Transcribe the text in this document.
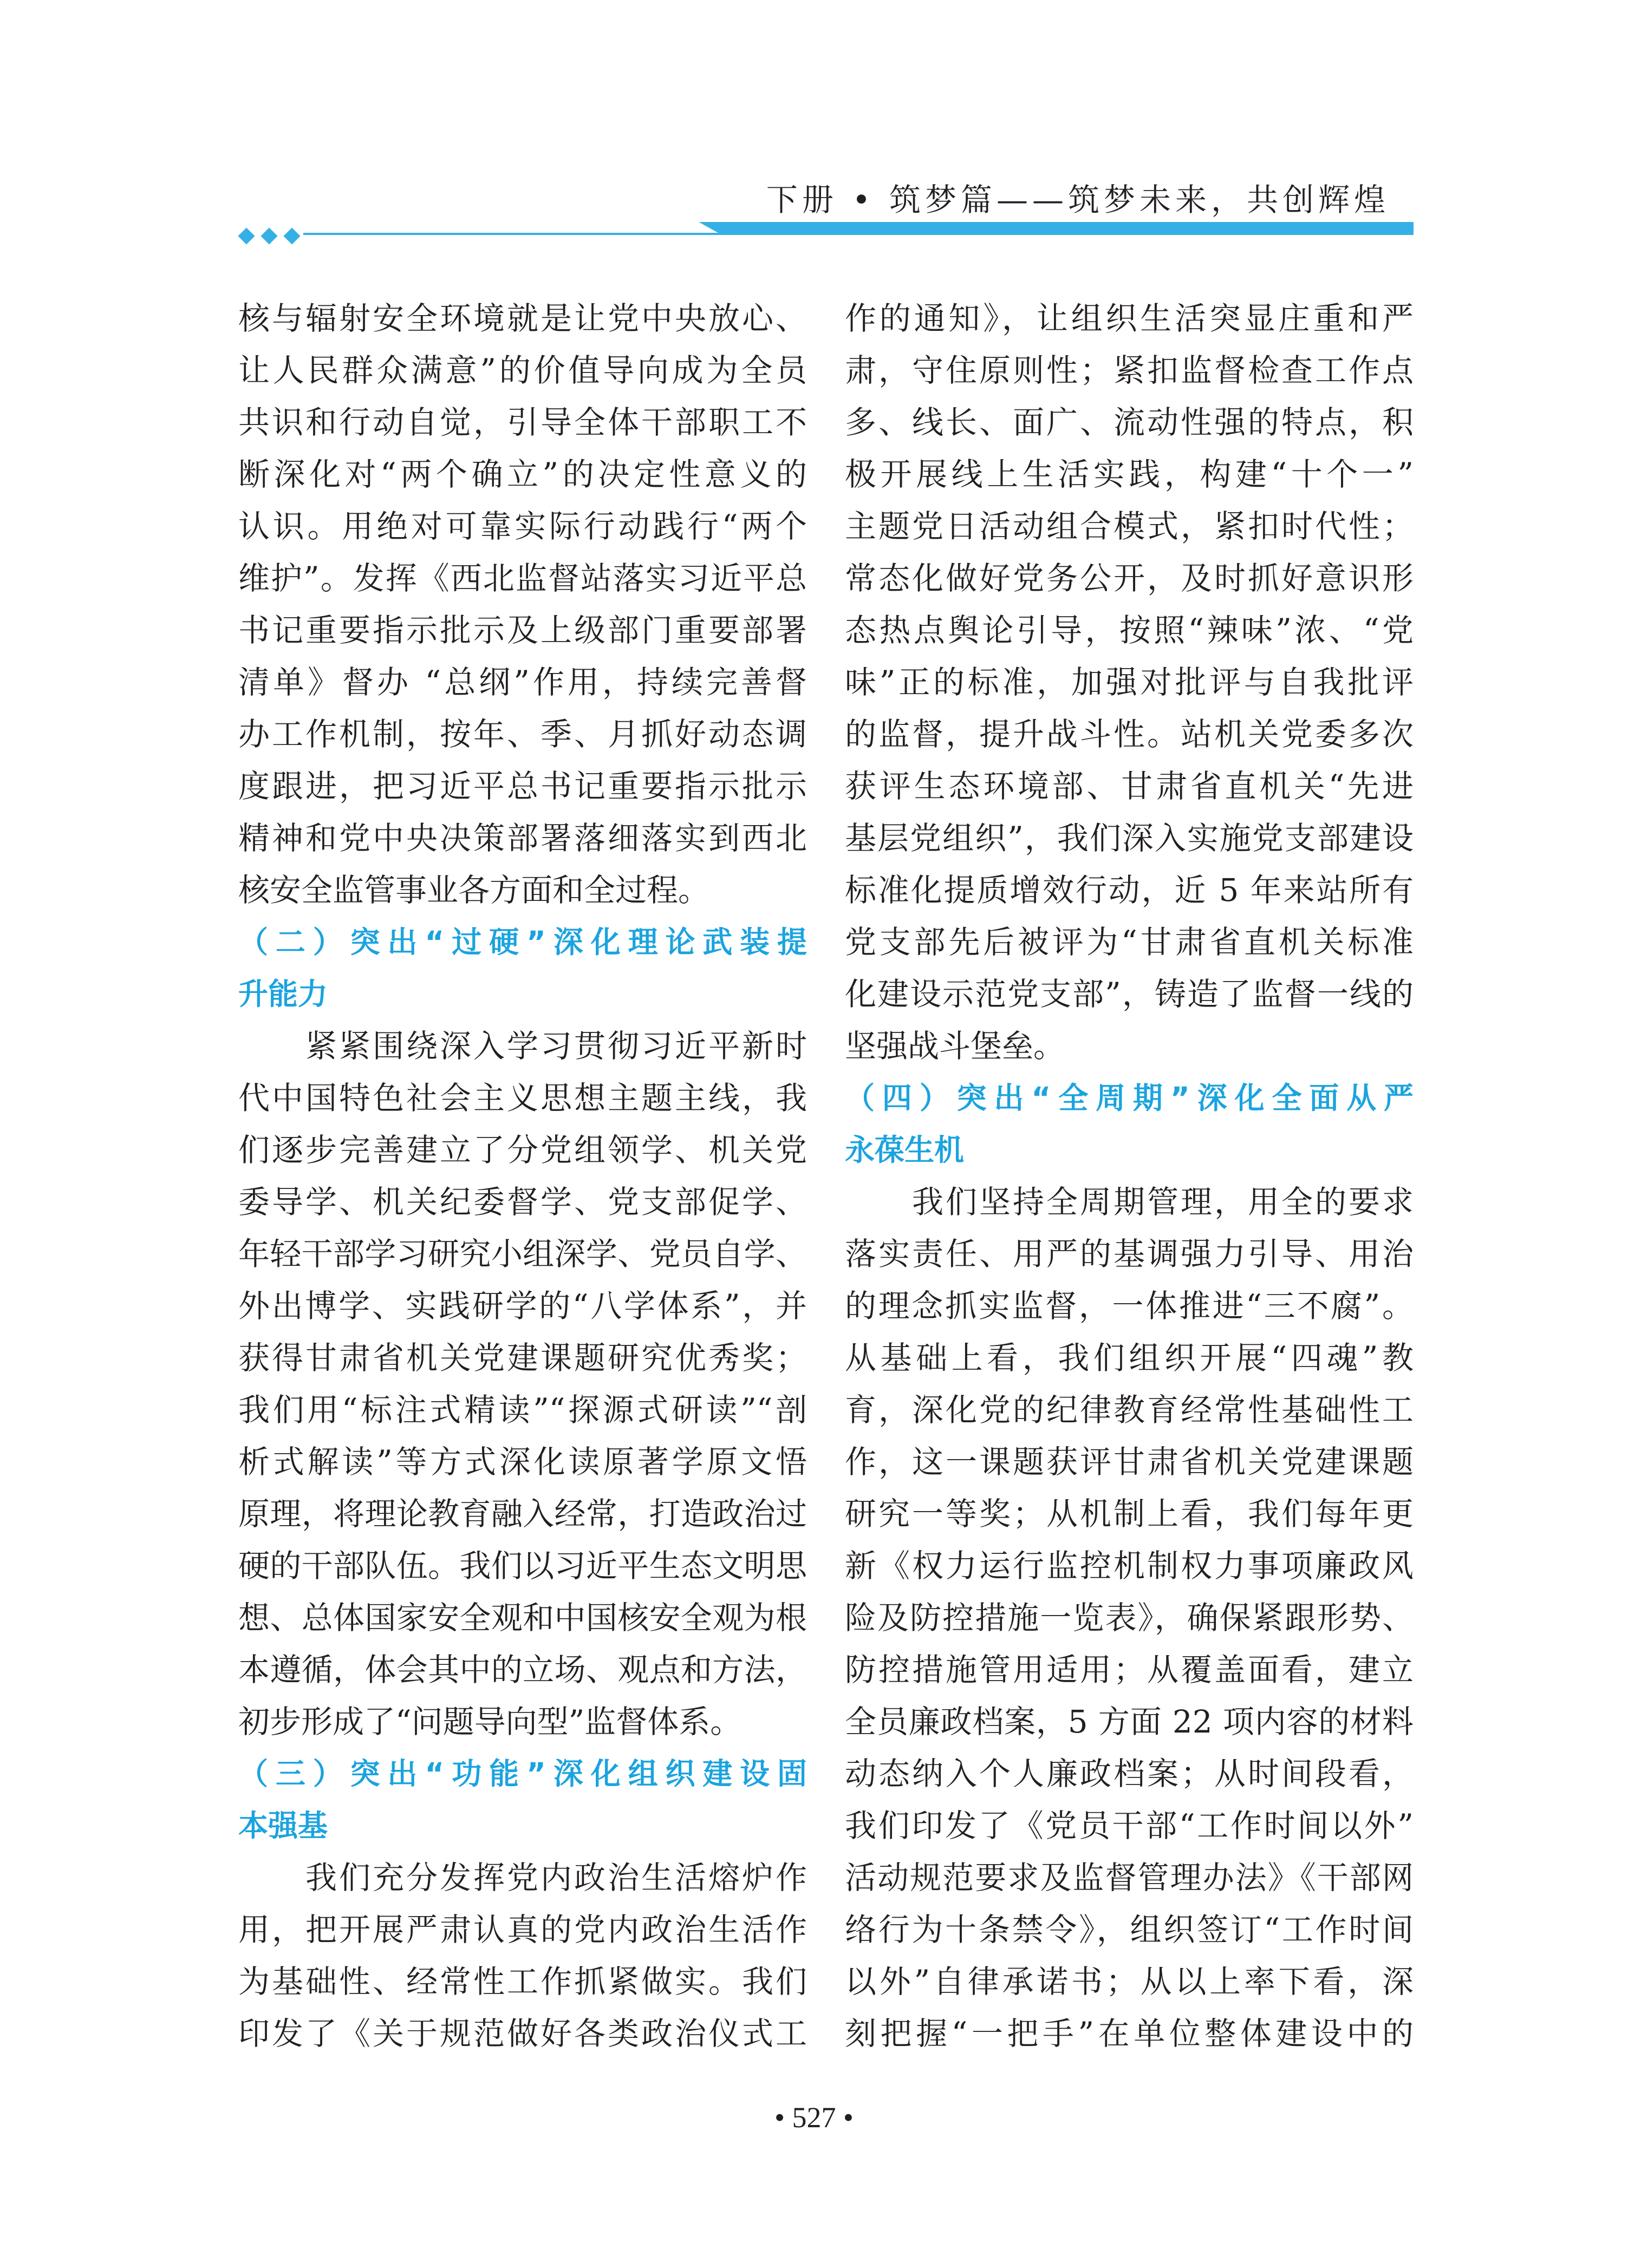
下册 • 筑梦篇——筑梦未来，共创辉煌
核与辐射安全环境就是让党中央放心、
让人民群众满意”的价值导向成为全员
共识和行动自觉，引导全体干部职工不
断深化对“两个确立”的决定性意义的
认识。用绝对可靠实际行动践行“两个
维护”。发挥《西北监督站落实习近平总
书记重要指示批示及上级部门重要部署
清单》督办 “总纲”作用，持续完善督
办工作机制，按年、季、月抓好动态调
度跟进，把习近平总书记重要指示批示
精神和党中央决策部署落细落实到西北
核安全监管事业各方面和全过程。
（二）突出“过硬”深化理论武装提
升能力
　　紧紧围绕深入学习贯彻习近平新时
代中国特色社会主义思想主题主线，我
们逐步完善建立了分党组领学、机关党
委导学、机关纪委督学、党支部促学、
年轻干部学习研究小组深学、党员自学、
外出博学、实践研学的“八学体系”，并
获得甘肃省机关党建课题研究优秀奖；
我们用“标注式精读”“探源式研读”“剖
析式解读”等方式深化读原著学原文悟
原理，将理论教育融入经常，打造政治过
硬的干部队伍。我们以习近平生态文明思
想、总体国家安全观和中国核安全观为根
本遵循，体会其中的立场、观点和方法，
初步形成了“问题导向型”监督体系。
（三）突出“功能”深化组织建设固
本强基
　　我们充分发挥党内政治生活熔炉作
用，把开展严肃认真的党内政治生活作
为基础性、经常性工作抓紧做实。我们
印发了《关于规范做好各类政治仪式工
作的通知》，让组织生活突显庄重和严
肃，守住原则性；紧扣监督检查工作点
多、线长、面广、流动性强的特点，积
极开展线上生活实践，构建“十个一”
主题党日活动组合模式，紧扣时代性；
常态化做好党务公开，及时抓好意识形
态热点舆论引导，按照“辣味”浓、“党
味”正的标准，加强对批评与自我批评
的监督，提升战斗性。站机关党委多次
获评生态环境部、甘肃省直机关“先进
基层党组织”，我们深入实施党支部建设
标准化提质增效行动，近 5 年来站所有
党支部先后被评为“甘肃省直机关标准
化建设示范党支部”，铸造了监督一线的
坚强战斗堡垒。
（四）突出“全周期”深化全面从严
永葆生机
　　我们坚持全周期管理，用全的要求
落实责任、用严的基调强力引导、用治
的理念抓实监督，一体推进“三不腐”。
从基础上看，我们组织开展“四魂”教
育，深化党的纪律教育经常性基础性工
作，这一课题获评甘肃省机关党建课题
研究一等奖；从机制上看，我们每年更
新《权力运行监控机制权力事项廉政风
险及防控措施一览表》，确保紧跟形势、
防控措施管用适用；从覆盖面看，建立
全员廉政档案，5 方面 22 项内容的材料
动态纳入个人廉政档案；从时间段看，
我们印发了《党员干部“工作时间以外”
活动规范要求及监督管理办法》《干部网
络行为十条禁令》，组织签订“工作时间
以外”自律承诺书；从以上率下看，深
刻把握“一把手”在单位整体建设中的
• 527 •
